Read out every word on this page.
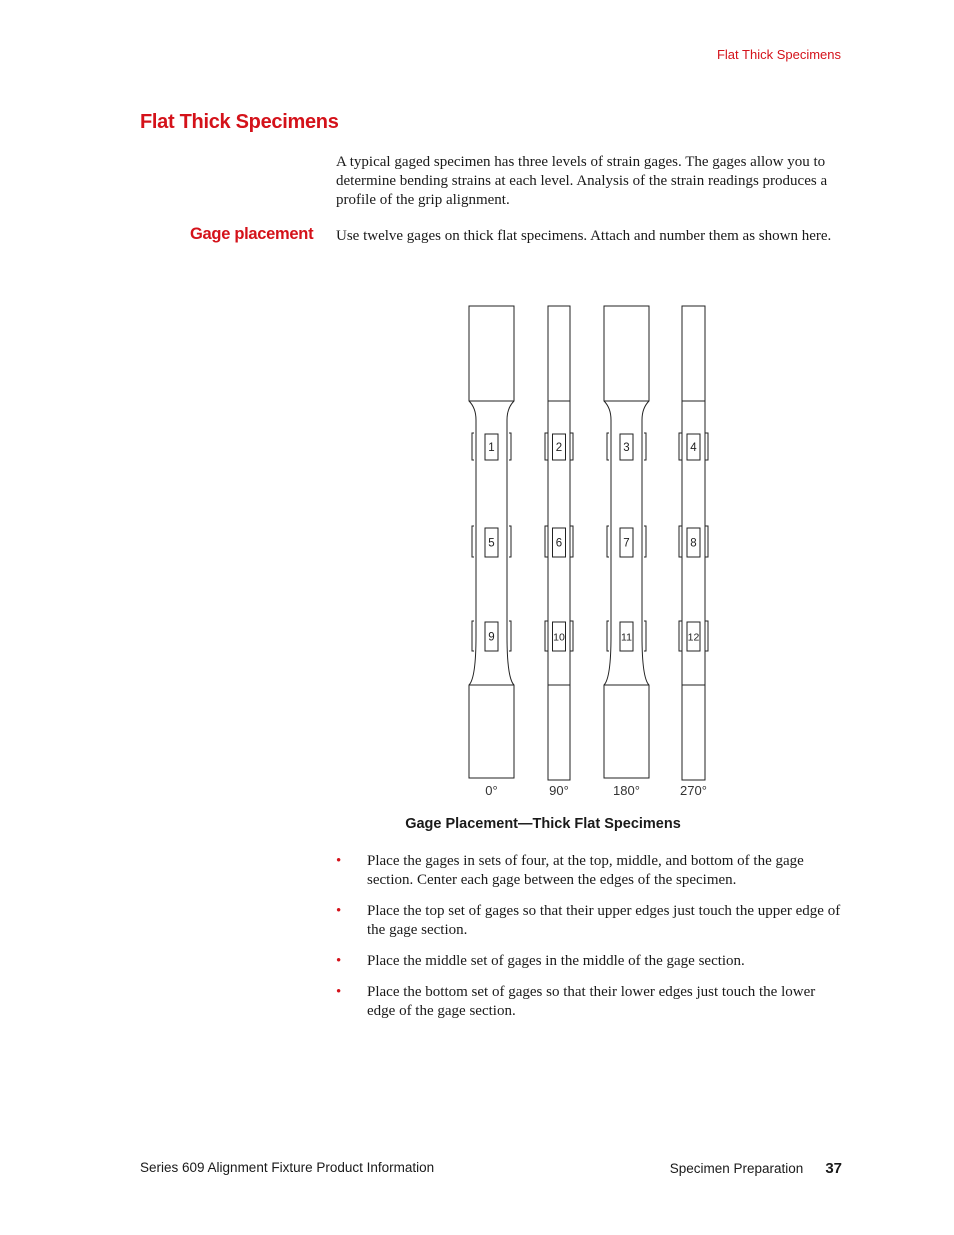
Flat Thick Specimens
Flat Thick Specimens

A typical gaged specimen has three levels of strain gages. The gages allow you to determine bending strains at each level. Analysis of the strain readings produces a profile of the grip alignment.

Gage placement Use twelve gages on thick flat specimens. Attach and number them as shown here.

1
5
9
2
6
10
3
7
11
4
8
12
0°	90°	180°	270°
Gage Placement—Thick Flat Specimens
• Place the gages in sets of four, at the top, middle, and bottom of the gage section. Center each gage between the edges of the specimen.
• Place the top set of gages so that their upper edges just touch the upper edge of the gage section.
• Place the middle set of gages in the middle of the gage section.
• Place the bottom set of gages so that their lower edges just touch the lower edge of the gage section.
Series 609 Alignment Fixture Product Information	Specimen Preparation 37
